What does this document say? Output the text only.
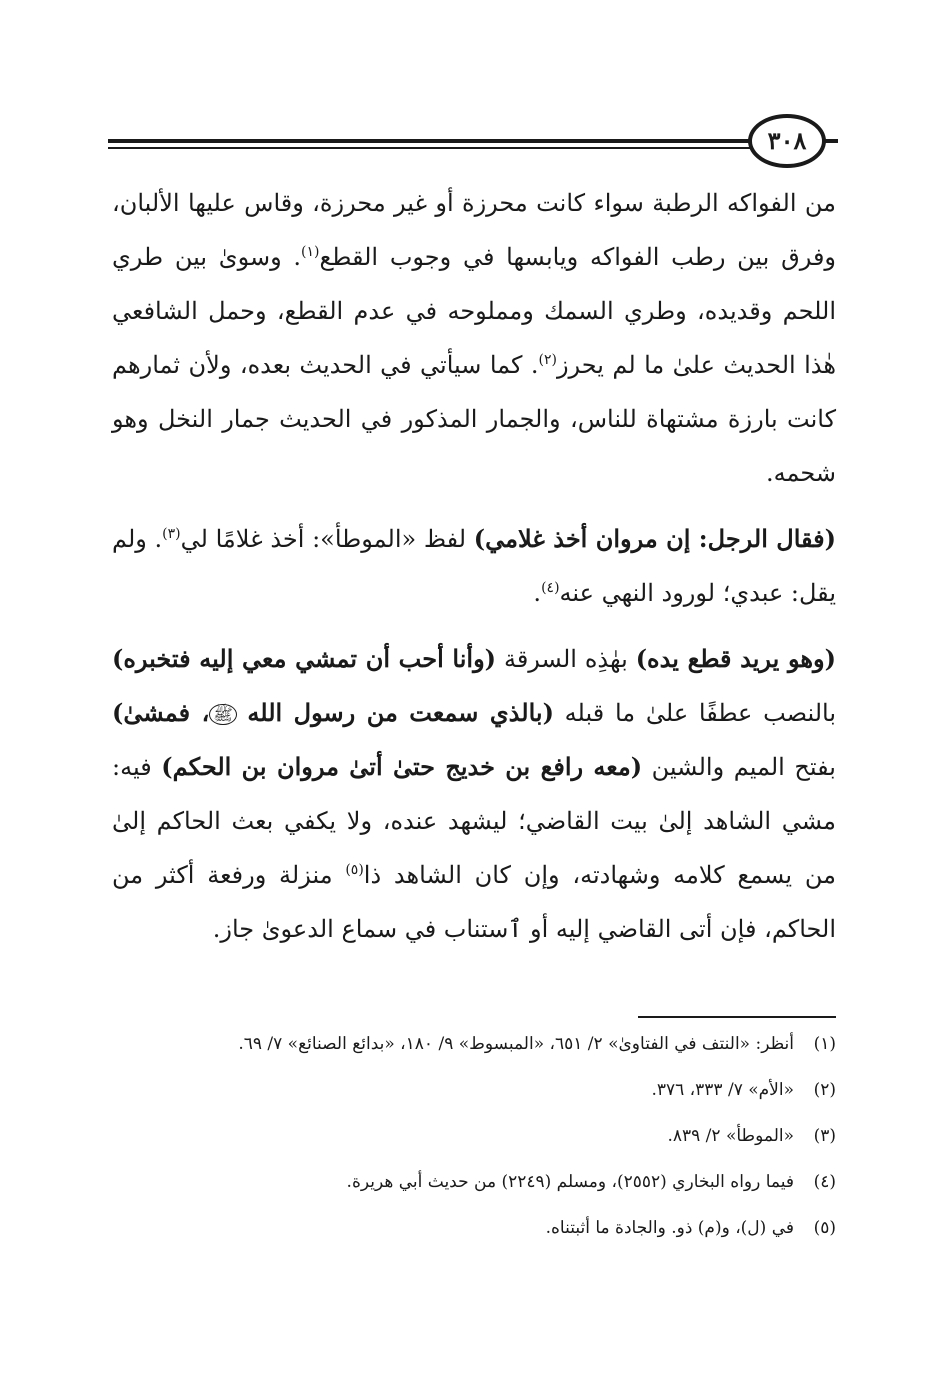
٣٠٨

من الفواكه الرطبة سواء كانت محرزة أو غير محرزة، وقاس عليها الألبان، وفرق بين رطب الفواكه ويابسها في وجوب القطع$^{(١)}$. وسوىٰ بين طري اللحم وقديده، وطري السمك ومملوحه في عدم القطع، وحمل الشافعي هٰذا الحديث علىٰ ما لم يحرز$^{(٢)}$. كما سيأتي في الحديث بعده، ولأن ثمارهم كانت بارزة مشتهاة للناس، والجمار المذكور في الحديث جمار النخل وهو شحمه.

(فقال الرجل: إن مروان أخذ غلامي) لفظ «الموطأ»: أخذ غلامًا لي$^{(٣)}$. ولم يقل: عبدي؛ لورود النهي عنه$^{(٤)}$.

(وهو يريد قطع يده) بهٰذِه السرقة (وأنا أحب أن تمشي معي إليه فتخبره) بالنصب عطفًا علىٰ ما قبله (بالذي سمعت من رسول الله ﷺ، فمشىٰ) بفتح الميم والشين (معه رافع بن خديج حتىٰ أتىٰ مروان بن الحكم) فيه: مشي الشاهد إلىٰ بيت القاضي؛ ليشهد عنده، ولا يكفي بعث الحاكم إلىٰ من يسمع كلامه وشهادته، وإن كان الشاهد ذا$^{(٥)}$ منزلة ورفعة أكثر من الحاكم، فإن أتى القاضي إليه أو ٱستناب في سماع الدعوىٰ جاز.

(١)
أنظر: «النتف في الفتاوىٰ» ٢/ ٦٥١، «المبسوط» ٩/ ١٨٠، «بدائع الصنائع» ٧/ ٦٩.
(٢)
«الأم» ٧/ ٣٣٣، ٣٧٦.
(٣)
«الموطأ» ٢/ ٨٣٩.
(٤)
فيما رواه البخاري (٢٥٥٢)، ومسلم (٢٢٤٩) من حديث أبي هريرة.
(٥)
في (ل)، و(م) ذو. والجادة ما أثبتناه.
